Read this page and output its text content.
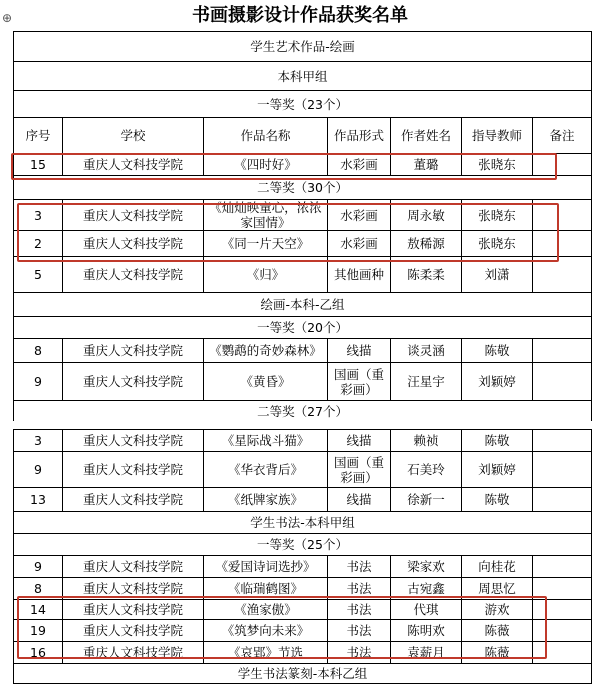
书画摄影设计作品获奖名单
⊕
学生艺术作品-绘画						
本科甲组						
一等奖（23个）						
序号	学校	作品名称	作品形式	作者姓名	指导教师	备注
15	重庆人文科技学院	《四时好》	水彩画	董璐	张晓东	
二等奖（30个）						
3	重庆人文科技学院	《灿灿映童心，浓浓家国情》	水彩画	周永敏	张晓东	
2	重庆人文科技学院	《同一片天空》	水彩画	敖稀源	张晓东	
5	重庆人文科技学院	《归》	其他画种	陈柔柔	刘潇	
绘画-本科-乙组						
一等奖（20个）						
8	重庆人文科技学院	《鹦鹉的奇妙森林》	线描	谈灵涵	陈敬	
9	重庆人文科技学院	《黄昏》	国画（重彩画）	汪星宇	刘颖婷	
二等奖（27个）						
3	重庆人文科技学院	《星际战斗猫》	线描	赖祯	陈敬	
9	重庆人文科技学院	《华衣背后》	国画（重彩画）	石美玲	刘颖婷	
13	重庆人文科技学院	《纸牌家族》	线描	徐新一	陈敬	
学生书法-本科甲组						
一等奖（25个）						
9	重庆人文科技学院	《爱国诗词选抄》	书法	梁家欢	向桂花	
8	重庆人文科技学院	《临瑞鹤图》	书法	古宛鑫	周思忆	
14	重庆人文科技学院	《渔家傲》	书法	代琪	游欢	
19	重庆人文科技学院	《筑梦向未来》	书法	陈明欢	陈薇	
16	重庆人文科技学院	《哀郢》节选	书法	袁薪月	陈薇	
学生书法篆刻-本科乙组						
